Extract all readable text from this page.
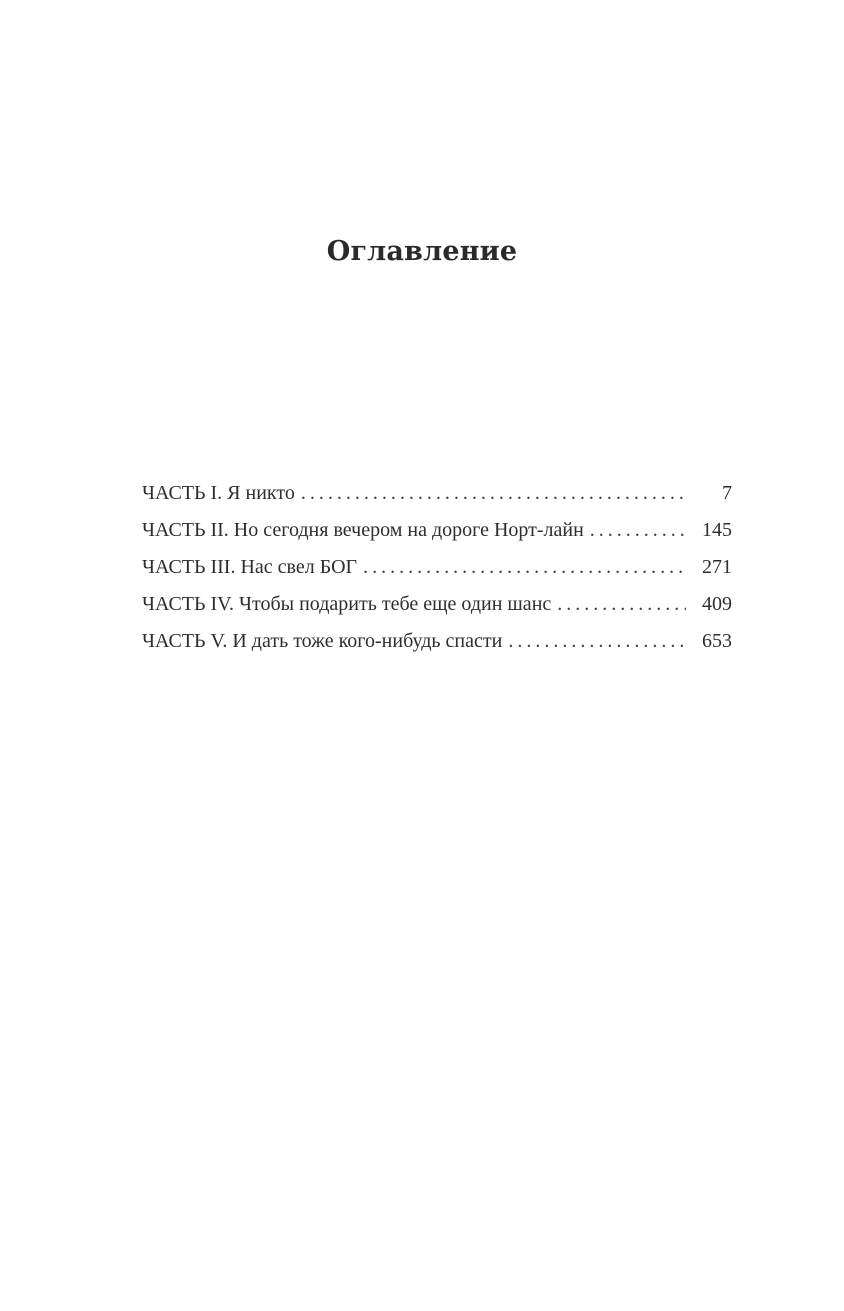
Оглавление
ЧАСТЬ I. Я никто . . .	7
ЧАСТЬ II. Но сегодня вечером на дороге Норт-лайн . . .	145
ЧАСТЬ III. Нас свел БОГ . . .	271
ЧАСТЬ IV. Чтобы подарить тебе еще один шанс . . .	409
ЧАСТЬ V. И дать тоже кого-нибудь спасти . . .	653
